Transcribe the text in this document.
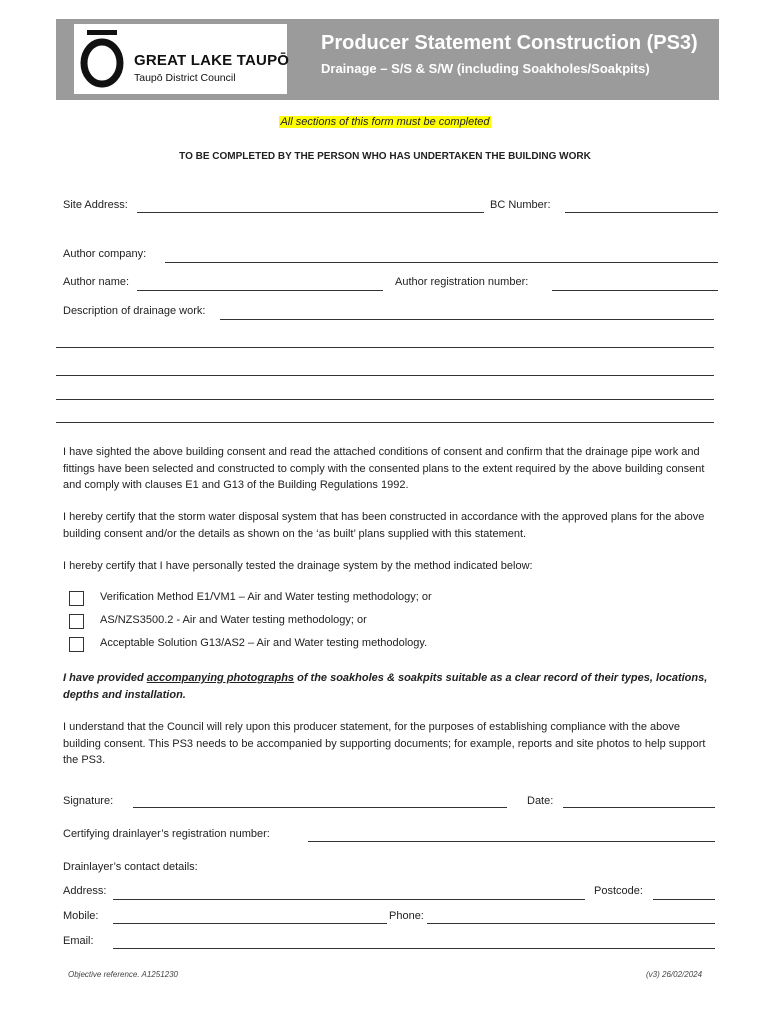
GREAT LAKE TAUPŌ
Taupō District Council
Producer Statement Construction (PS3)
Drainage – S/S & S/W (including Soakholes/Soakpits)
All sections of this form must be completed
TO BE COMPLETED BY THE PERSON WHO HAS UNDERTAKEN THE BUILDING WORK
Site Address:	BC Number:
Author company:
Author name:	Author registration number:
Description of drainage work:
I have sighted the above building consent and read the attached conditions of consent and confirm that the drainage pipe work and fittings have been selected and constructed to comply with the consented plans to the extent required by the above building consent and comply with clauses E1 and G13 of the Building Regulations 1992.
I hereby certify that the storm water disposal system that has been constructed in accordance with the approved plans for the above building consent and/or the details as shown on the ‘as built’ plans supplied with this statement.
I hereby certify that I have personally tested the drainage system by the method indicated below:
Verification Method E1/VM1 – Air and Water testing methodology; or
AS/NZS3500.2 - Air and Water testing methodology; or
Acceptable Solution G13/AS2 – Air and Water testing methodology.
I have provided accompanying photographs of the soakholes & soakpits suitable as a clear record of their types, locations, depths and installation.
I understand that the Council will rely upon this producer statement, for the purposes of establishing compliance with the above building consent. This PS3 needs to be accompanied by supporting documents; for example, reports and site photos to help support the PS3.
Signature:	Date:
Certifying drainlayer’s registration number:
Drainlayer’s contact details:
Address:	Postcode:
Mobile:	Phone:
Email:
Objective reference. A1251230	(v3) 26/02/2024
